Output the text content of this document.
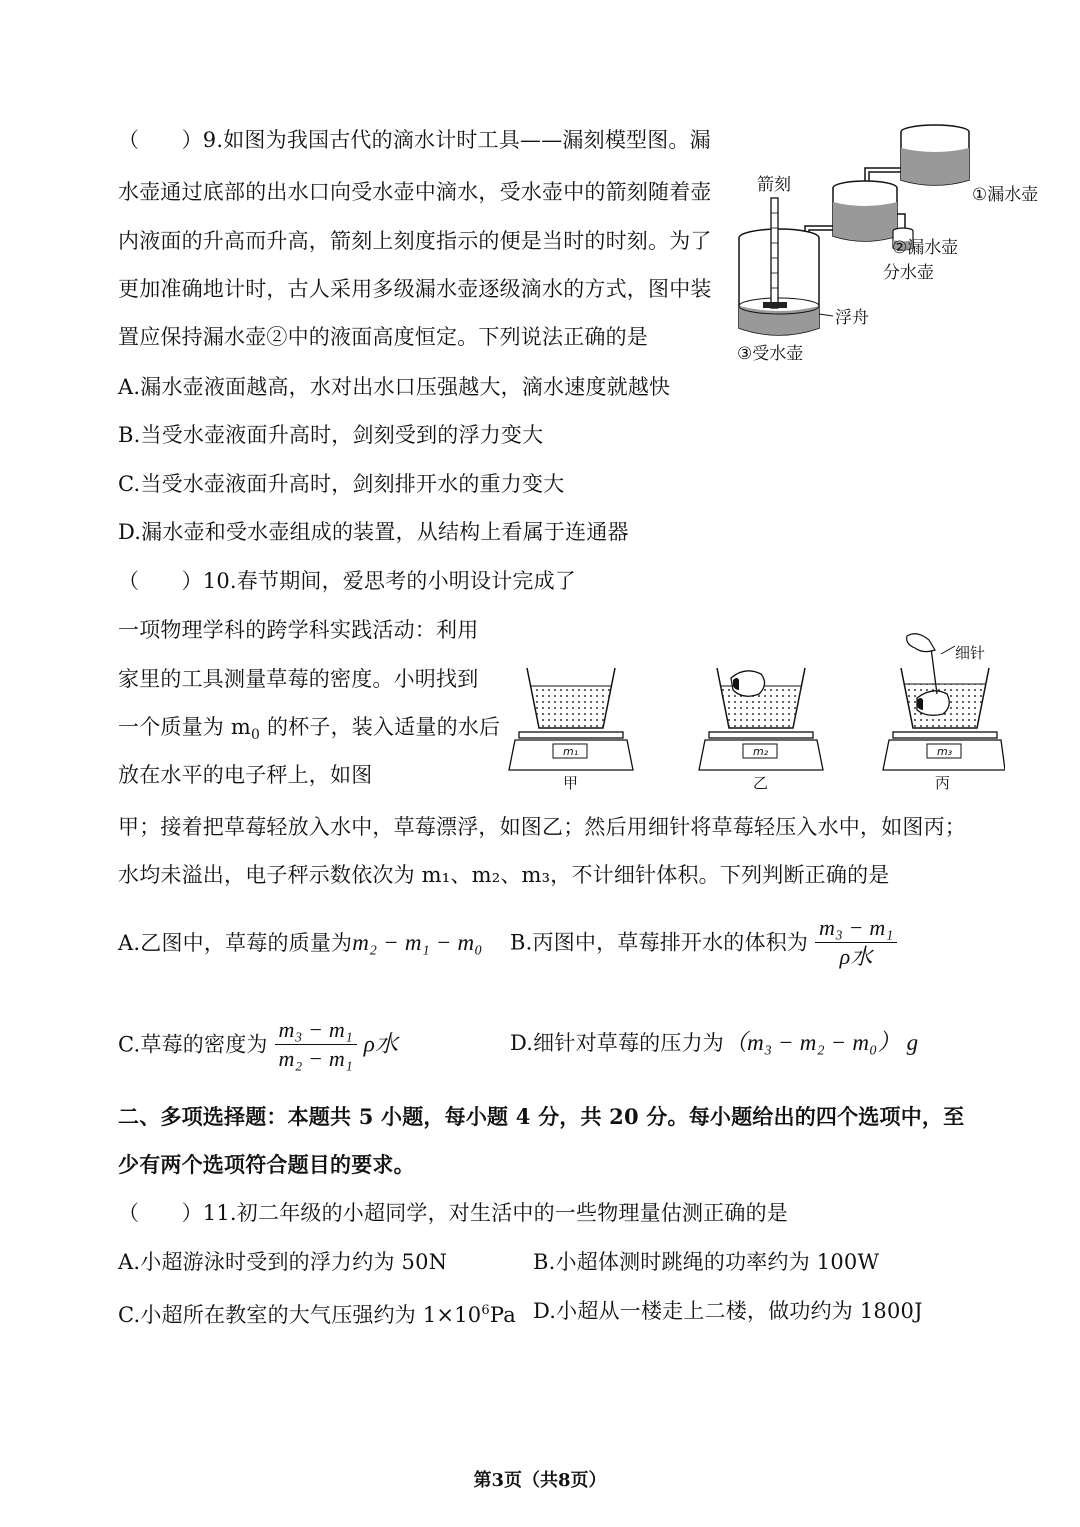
（　　）9.如图为我国古代的滴水计时工具——漏刻模型图。漏
水壶通过底部的出水口向受水壶中滴水，受水壶中的箭刻随着壶
内液面的升高而升高，箭刻上刻度指示的便是当时的时刻。为了
更加准确地计时，古人采用多级漏水壶逐级滴水的方式，图中装
置应保持漏水壶②中的液面高度恒定。下列说法正确的是
A.漏水壶液面越高，水对出水口压强越大，滴水速度就越快
B.当受水壶液面升高时，剑刻受到的浮力变大
C.当受水壶液面升高时，剑刻排开水的重力变大
D.漏水壶和受水壶组成的装置，从结构上看属于连通器
箭刻
浮舟
③受水壶
①漏水壶
②漏水壶
分水壶
（　　）10.春节期间，爱思考的小明设计完成了
一项物理学科的跨学科实践活动：利用
家里的工具测量草莓的密度。小明找到
一个质量为 $m_0$ 的杯子，装入适量的水后
放在水平的电子秤上，如图
甲；接着把草莓轻放入水中，草莓漂浮，如图乙；然后用细针将草莓轻压入水中，如图丙；
水均未溢出，电子秤示数依次为 m₁、m₂、m₃，不计细针体积。下列判断正确的是
细针
m₁	m₂	m₃
甲	乙	丙
A.乙图中，草莓的质量为m₂ − m₁ − m₀ B.丙图中，草莓排开水的体积为 $\frac{\text{m₃ − m₁}}{\text{ρ水}}$
C.草莓的密度为 $\frac{\text{m₃ − m₁}}{\text{m₂ − m₁}}$ ρ水	D.细针对草莓的压力为（m₃ − m₂ − m₀） g
二、多项选择题：本题共 5 小题，每小题 4 分，共 20 分。每小题给出的四个选项中，至
少有两个选项符合题目的要求。
（　　）11.初二年级的小超同学，对生活中的一些物理量估测正确的是
A.小超游泳时受到的浮力约为 50N	B.小超体测时跳绳的功率约为 100W
C.小超所在教室的大气压强约为 $1\times 10^6Pa$ D.小超从一楼走上二楼，做功约为 1800J
第3页（共8页）
